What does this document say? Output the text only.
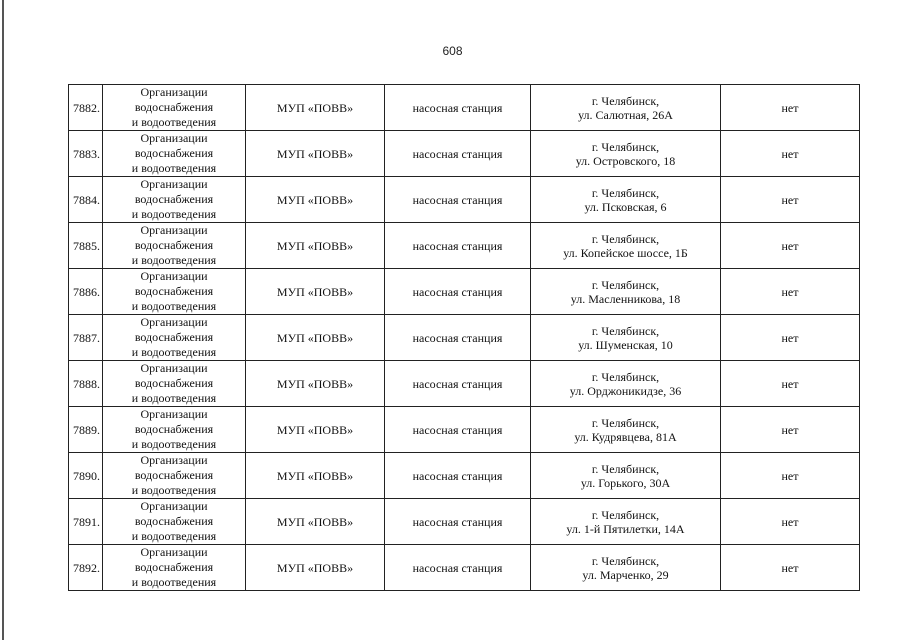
608
7882.	Организации
водоснабжения
и водоотведения	МУП «ПОВВ»	насосная станция	г. Челябинск,
ул. Салютная, 26А	нет
7883.	Организации
водоснабжения
и водоотведения	МУП «ПОВВ»	насосная станция	г. Челябинск,
ул. Островского, 18	нет
7884.	Организации
водоснабжения
и водоотведения	МУП «ПОВВ»	насосная станция	г. Челябинск,
ул. Псковская, 6	нет
7885.	Организации
водоснабжения
и водоотведения	МУП «ПОВВ»	насосная станция	г. Челябинск,
ул. Копейское шоссе, 1Б	нет
7886.	Организации
водоснабжения
и водоотведения	МУП «ПОВВ»	насосная станция	г. Челябинск,
ул. Масленникова, 18	нет
7887.	Организации
водоснабжения
и водоотведения	МУП «ПОВВ»	насосная станция	г. Челябинск,
ул. Шуменская, 10	нет
7888.	Организации
водоснабжения
и водоотведения	МУП «ПОВВ»	насосная станция	г. Челябинск,
ул. Орджоникидзе, 36	нет
7889.	Организации
водоснабжения
и водоотведения	МУП «ПОВВ»	насосная станция	г. Челябинск,
ул. Кудрявцева, 81А	нет
7890.	Организации
водоснабжения
и водоотведения	МУП «ПОВВ»	насосная станция	г. Челябинск,
ул. Горького, 30А	нет
7891.	Организации
водоснабжения
и водоотведения	МУП «ПОВВ»	насосная станция	г. Челябинск,
ул. 1-й Пятилетки, 14А	нет
7892.	Организации
водоснабжения
и водоотведения	МУП «ПОВВ»	насосная станция	г. Челябинск,
ул. Марченко, 29	нет
